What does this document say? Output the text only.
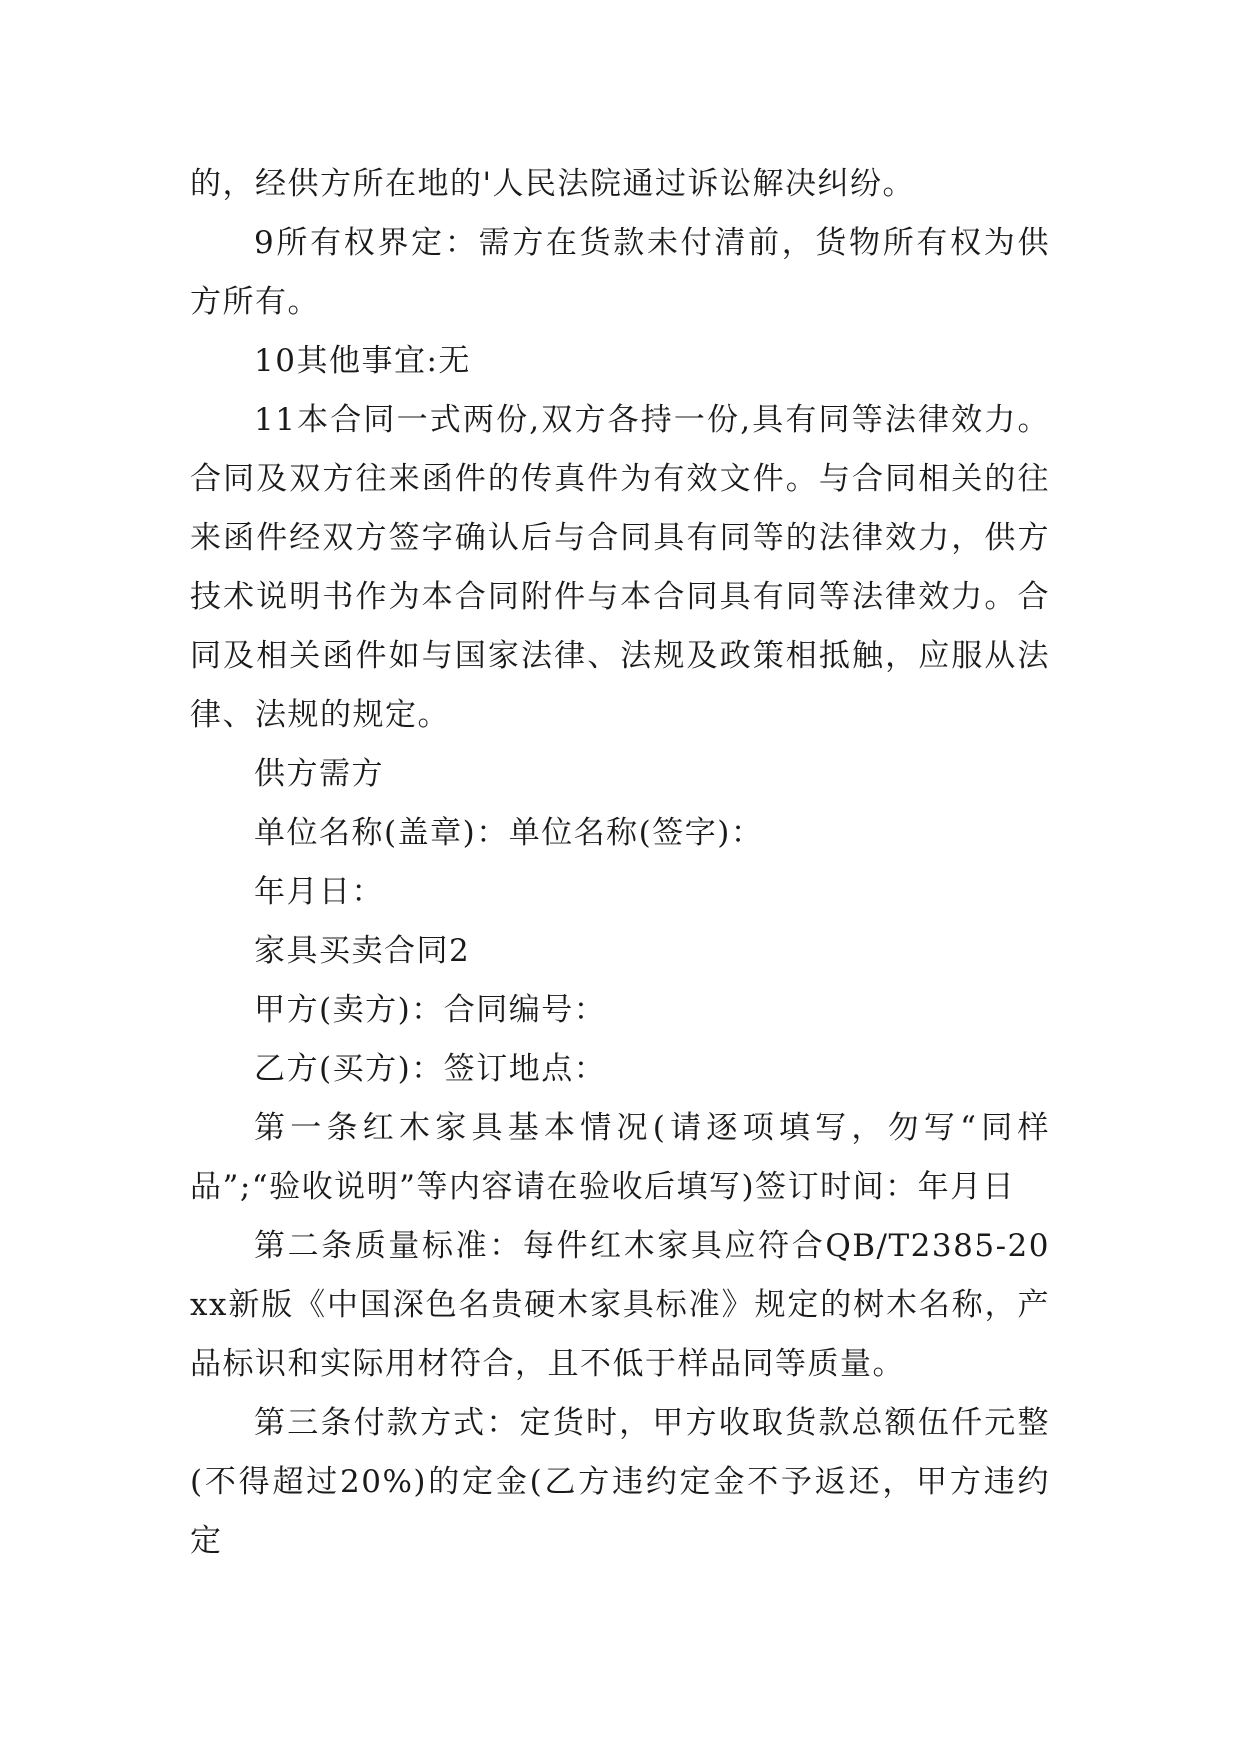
的，经供方所在地的'人民法院通过诉讼解决纠纷。

9所有权界定：需方在货款未付清前，货物所有权为供方所有。

10其他事宜:无

11本合同一式两份,双方各持一份,具有同等法律效力。合同及双方往来函件的传真件为有效文件。与合同相关的往来函件经双方签字确认后与合同具有同等的法律效力，供方技术说明书作为本合同附件与本合同具有同等法律效力。合同及相关函件如与国家法律、法规及政策相抵触，应服从法律、法规的规定。

供方需方

单位名称(盖章)：单位名称(签字)：

年月日：

家具买卖合同2

甲方(卖方)：合同编号：

乙方(买方)：签订地点：

第一条红木家具基本情况(请逐项填写，勿写“同样品”;“验收说明”等内容请在验收后填写)签订时间：年月日

第二条质量标准：每件红木家具应符合QB/T2385-20xx新版《中国深色名贵硬木家具标准》规定的树木名称，产品标识和实际用材符合，且不低于样品同等质量。

第三条付款方式：定货时，甲方收取货款总额伍仟元整(不得超过20%)的定金(乙方违约定金不予返还，甲方违约定
